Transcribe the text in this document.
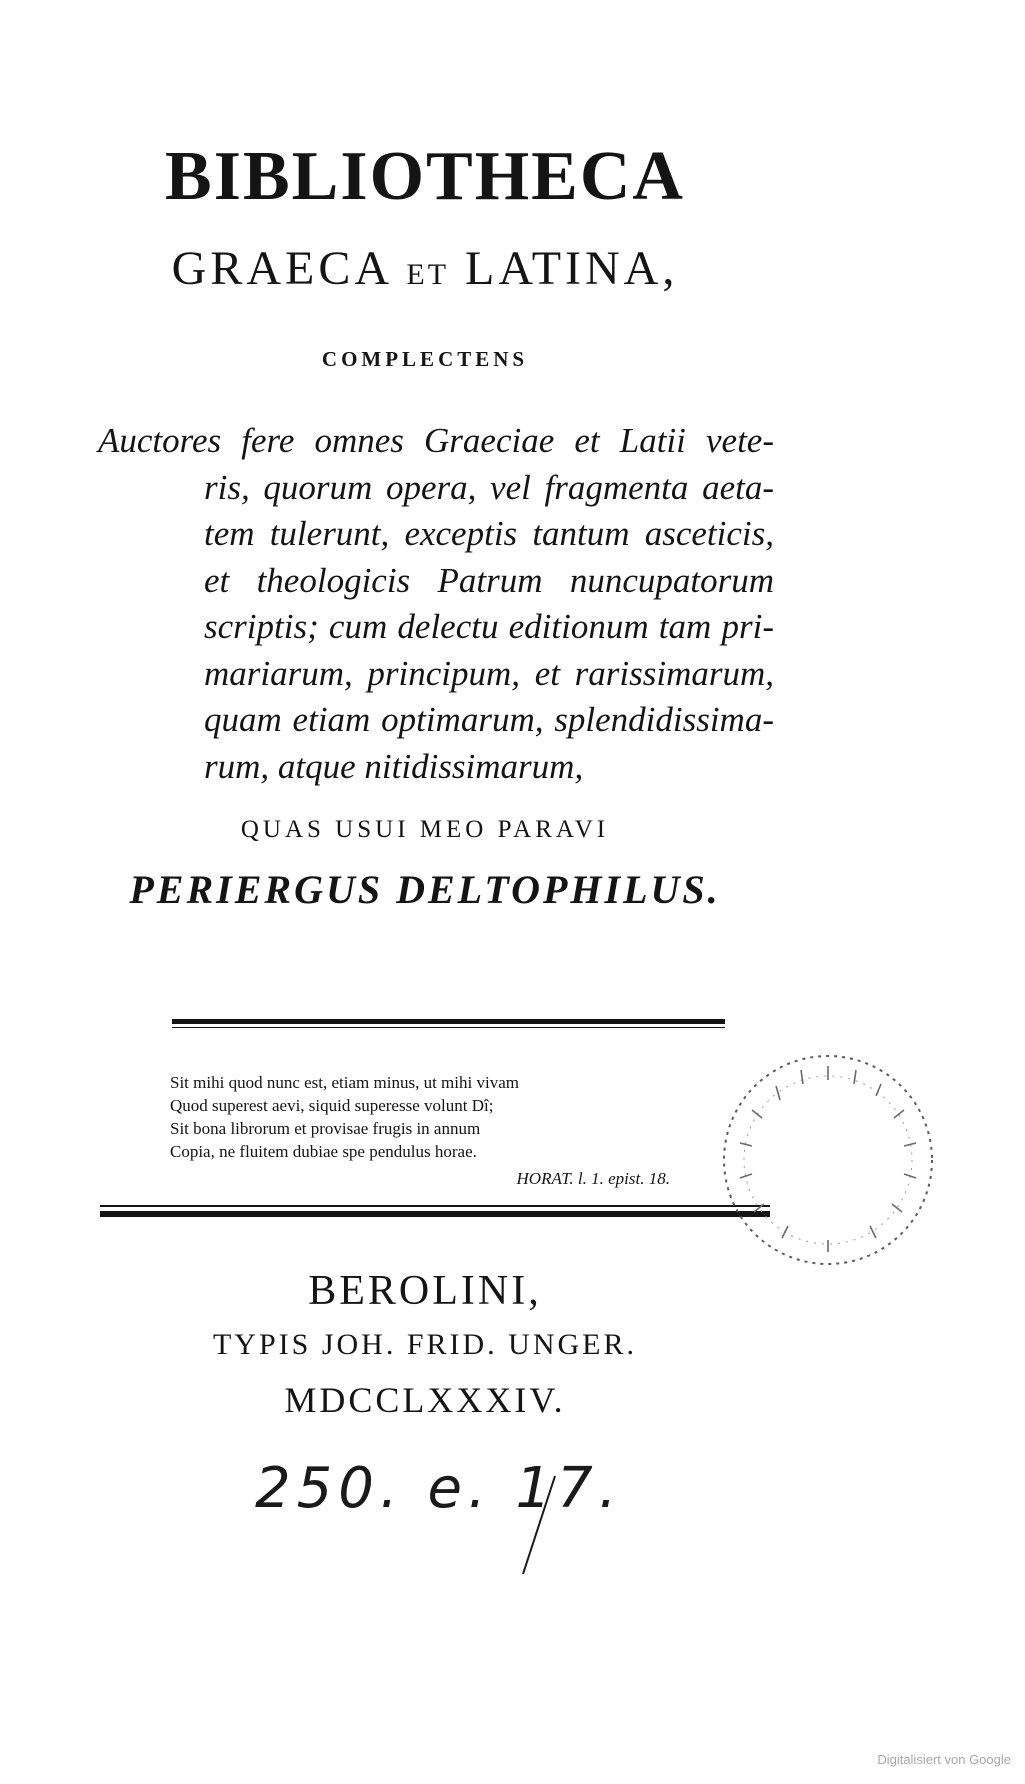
BIBLIOTHECA
GRAECA ET LATINA,
COMPLECTENS

Auctores fere omnes Graeciae et Latii vete-
ris, quorum opera, vel fragmenta aeta-
tem tulerunt, exceptis tantum asceticis,
et theologicis Patrum nuncupatorum
scriptis; cum delectu editionum tam pri-
mariarum, principum, et rarissimarum,
quam etiam optimarum, splendidissima-
rum, atque nitidissimarum,

QUAS USUI MEO PARAVI
PERIERGUS DELTOPHILUS.
Sit mihi quod nunc est, etiam minus, ut mihi vivam
Quod superest aevi, siquid superesse volunt Dî;
Sit bona librorum et provisae frugis in annum
Copia, ne fluitem dubiae spe pendulus horae.
HORAT. l. 1. epist. 18.
BEROLINI,
TYPIS JOH. FRID. UNGER.
MDCCLXXXIV.
250. e. 17.
Digitalisiert von Google
